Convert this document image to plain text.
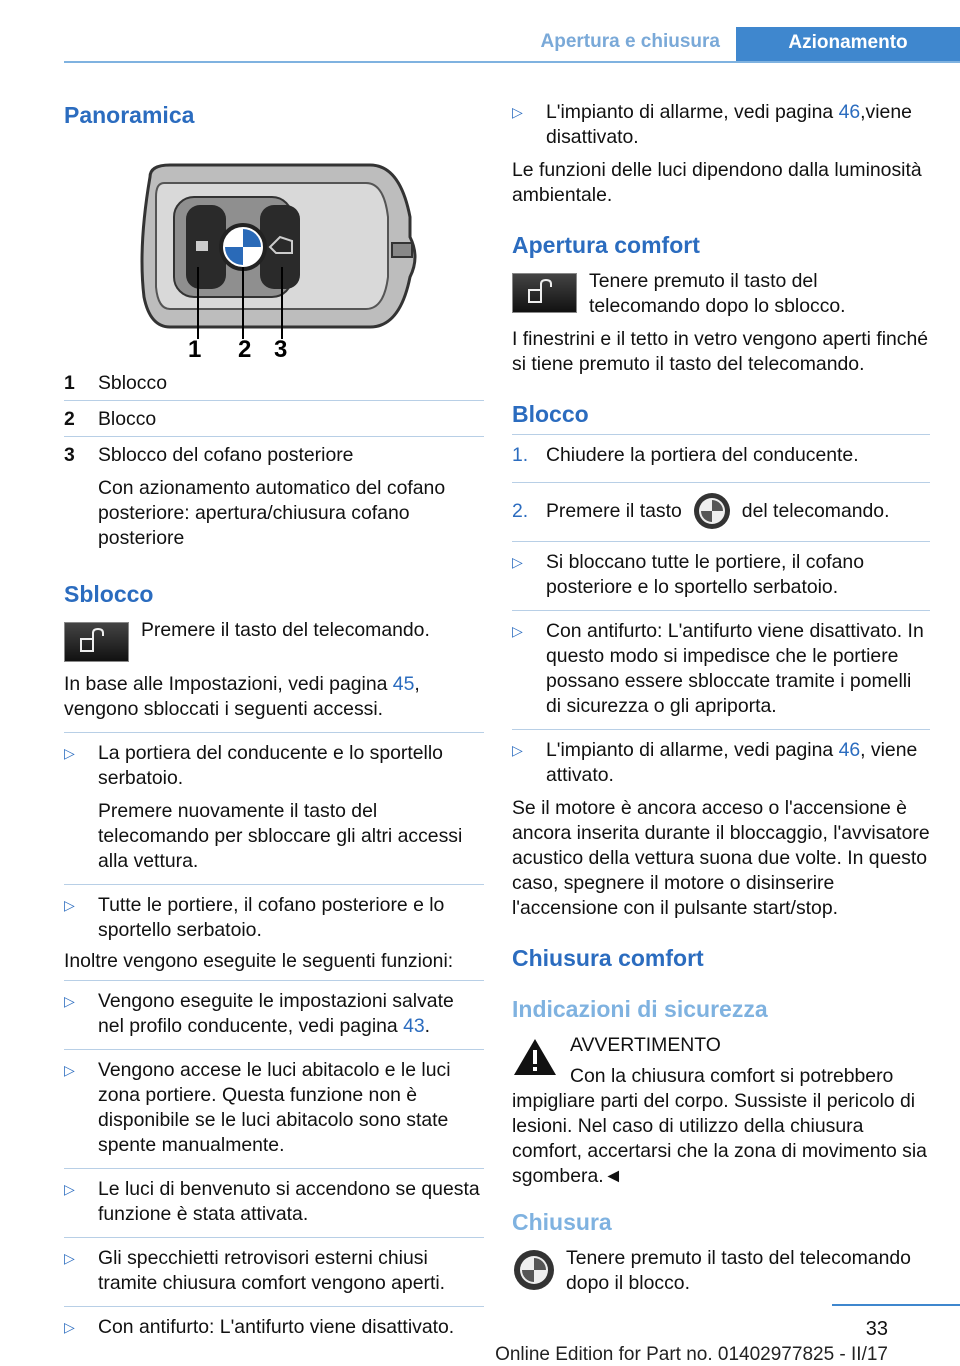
Apertura e chiusura	Azionamento
Panoramica
1 2 3
1	Sblocco
2	Blocco
3	Sblocco del cofano posteriore

Con azionamento automatico del cofano posteriore: apertura/chiusura cofano posteriore

Sblocco

Premere il tasto del telecomando.

In base alle Impostazioni, vedi pagina 45, vengono sbloccati i seguenti accessi.

▷	La portiera del conducente e lo sportello serbatoio.

Premere nuovamente il tasto del telecomando per sbloccare gli altri accessi alla vettura.

▷	Tutte le portiere, il cofano posteriore e lo sportello serbatoio.

Inoltre vengono eseguite le seguenti funzioni:

▷	Vengono eseguite le impostazioni salvate nel profilo conducente, vedi pagina 43.

▷	Vengono accese le luci abitacolo e le luci zona portiere. Questa funzione non è disponibile se le luci abitacolo sono state spente manualmente.

▷	Le luci di benvenuto si accendono se questa funzione è stata attivata.

▷	Gli specchietti retrovisori esterni chiusi tramite chiusura comfort vengono aperti.

▷	Con antifurto: L'antifurto viene disattivato.

▷	L'impianto di allarme, vedi pagina 46,viene disattivato.

Le funzioni delle luci dipendono dalla luminosità ambientale.

Apertura comfort

Tenere premuto il tasto del telecomando dopo lo sblocco.

I finestrini e il tetto in vetro vengono aperti finché si tiene premuto il tasto del telecomando.

Blocco
1. Chiudere la portiera del conducente.

2. Premere il tasto	del telecomando.

▷	Si bloccano tutte le portiere, il cofano posteriore e lo sportello serbatoio.

▷	Con antifurto: L'antifurto viene disattivato. In questo modo si impedisce che le portiere possano essere sbloccate tramite i pomelli di sicurezza o gli apriporta.

▷	L'impianto di allarme, vedi pagina 46, viene attivato.

Se il motore è ancora acceso o l'accensione è ancora inserita durante il bloccaggio, l'avvisatore acustico della vettura suona due volte. In questo caso, spegnere il motore o disinserire l'accensione con il pulsante start/stop.

Chiusura comfort
Indicazioni di sicurezza

AVVERTIMENTO

Con la chiusura comfort si potrebbero impigliare parti del corpo. Sussiste il pericolo di lesioni. Nel caso di utilizzo della chiusura comfort, accertarsi che la zona di movimento sia sgombera.◄

Chiusura

Tenere premuto il tasto del telecomando dopo il blocco.

33
Online Edition for Part no. 01402977825 - II/17
